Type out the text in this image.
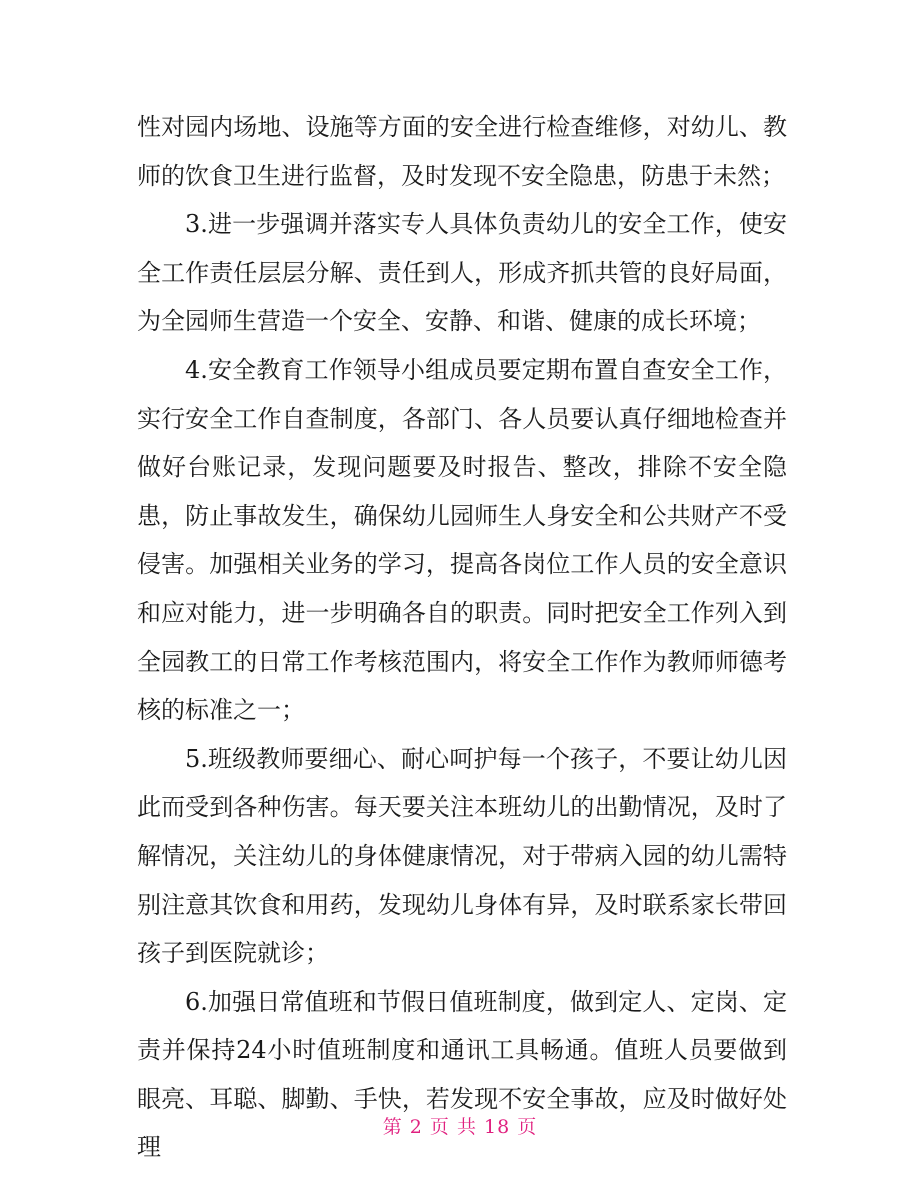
性对园内场地、设施等方面的安全进行检查维修，对幼儿、教师的饮食卫生进行监督，及时发现不安全隐患，防患于未然；

3.进一步强调并落实专人具体负责幼儿的安全工作，使安全工作责任层层分解、责任到人，形成齐抓共管的良好局面，为全园师生营造一个安全、安静、和谐、健康的成长环境；

4.安全教育工作领导小组成员要定期布置自查安全工作，实行安全工作自查制度，各部门、各人员要认真仔细地检查并做好台账记录，发现问题要及时报告、整改，排除不安全隐患，防止事故发生，确保幼儿园师生人身安全和公共财产不受侵害。加强相关业务的学习，提高各岗位工作人员的安全意识和应对能力，进一步明确各自的职责。同时把安全工作列入到全园教工的日常工作考核范围内，将安全工作作为教师师德考核的标准之一；

5.班级教师要细心、耐心呵护每一个孩子，不要让幼儿因此而受到各种伤害。每天要关注本班幼儿的出勤情况，及时了解情况，关注幼儿的身体健康情况，对于带病入园的幼儿需特别注意其饮食和用药，发现幼儿身体有异，及时联系家长带回孩子到医院就诊；

6.加强日常值班和节假日值班制度，做到定人、定岗、定责并保持24小时值班制度和通讯工具畅通。值班人员要做到眼亮、耳聪、脚勤、手快，若发现不安全事故，应及时做好处理

第 2 页 共 18 页
